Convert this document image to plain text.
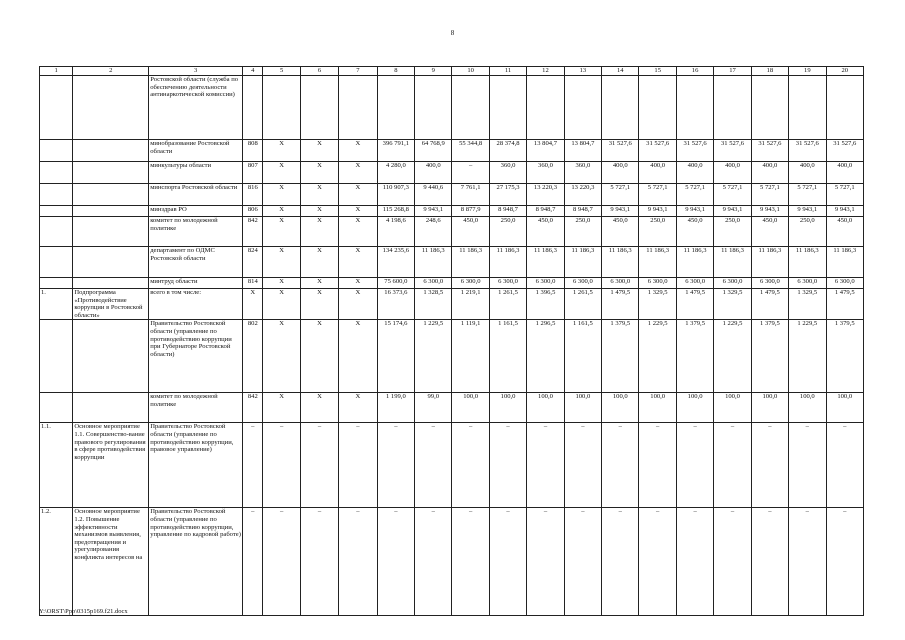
8
1	2	3	4	5	6	7	8	9	10	11	12	13	14	15	16	17	18	19	20
		Ростовской области (служба по обеспечению деятельности антинаркотической комиссии)																	
		минобразование Ростовской области	808	X	X	X	396 791,1	64 768,9	55 344,8	28 374,8	13 804,7	13 804,7	31 527,6	31 527,6	31 527,6	31 527,6	31 527,6	31 527,6	31 527,6
		минкультуры области	807	X	X	X	4 280,0	400,0	–	360,0	360,0	360,0	400,0	400,0	400,0	400,0	400,0	400,0	400,0
		минспорта Ростовской области	816	X	X	X	110 907,3	9 440,6	7 761,1	27 175,3	13 220,3	13 220,3	5 727,1	5 727,1	5 727,1	5 727,1	5 727,1	5 727,1	5 727,1
		минздрав РО	806	X	X	X	115 268,8	9 943,1	8 877,9	8 948,7	8 948,7	8 948,7	9 943,1	9 943,1	9 943,1	9 943,1	9 943,1	9 943,1	9 943,1
		комитет по молодежной политике	842	X	X	X	4 198,6	248,6	450,0	250,0	450,0	250,0	450,0	250,0	450,0	250,0	450,0	250,0	450,0
		департамент по ОДМС Ростовской области	824	X	X	X	134 235,6	11 186,3	11 186,3	11 186,3	11 186,3	11 186,3	11 186,3	11 186,3	11 186,3	11 186,3	11 186,3	11 186,3	11 186,3
		минтруд области	814	X	X	X	75 600,0	6 300,0	6 300,0	6 300,0	6 300,0	6 300,0	6 300,0	6 300,0	6 300,0	6 300,0	6 300,0	6 300,0	6 300,0
1.	Подпрограмма «Противодействие коррупции в Ростовской области»	всего в том числе:	X	X	X	X	16 373,6	1 328,5	1 219,1	1 261,5	1 396,5	1 261,5	1 479,5	1 329,5	1 479,5	1 329,5	1 479,5	1 329,5	1 479,5
		Правительство Ростовской области (управление по противодействию коррупции при Губернаторе Ростовской области)	802	X	X	X	15 174,6	1 229,5	1 119,1	1 161,5	1 296,5	1 161,5	1 379,5	1 229,5	1 379,5	1 229,5	1 379,5	1 229,5	1 379,5
		комитет по молодежной политике	842	X	X	X	1 199,0	99,0	100,0	100,0	100,0	100,0	100,0	100,0	100,0	100,0	100,0	100,0	100,0
1.1.	Основное мероприятие 1.1. Совершенство-вание правового регулирования в сфере противодействия коррупции	Правительство Ростовской области (управление по противодействию коррупции, правовое управление)	–	–	–	–	–	–	–	–	–	–	–	–	–	–	–	–	–
1.2.	Основное мероприятие 1.2. Повышение эффективности механизмов выявления, предотвращения и урегулирования конфликта интересов на	Правительство Ростовской области (управление по противодействию коррупции, управление по кадровой работе)	–	–	–	–	–	–	–	–	–	–	–	–	–	–	–	–	–
Y:\ORST\Ppo\0315p169.f21.docx
